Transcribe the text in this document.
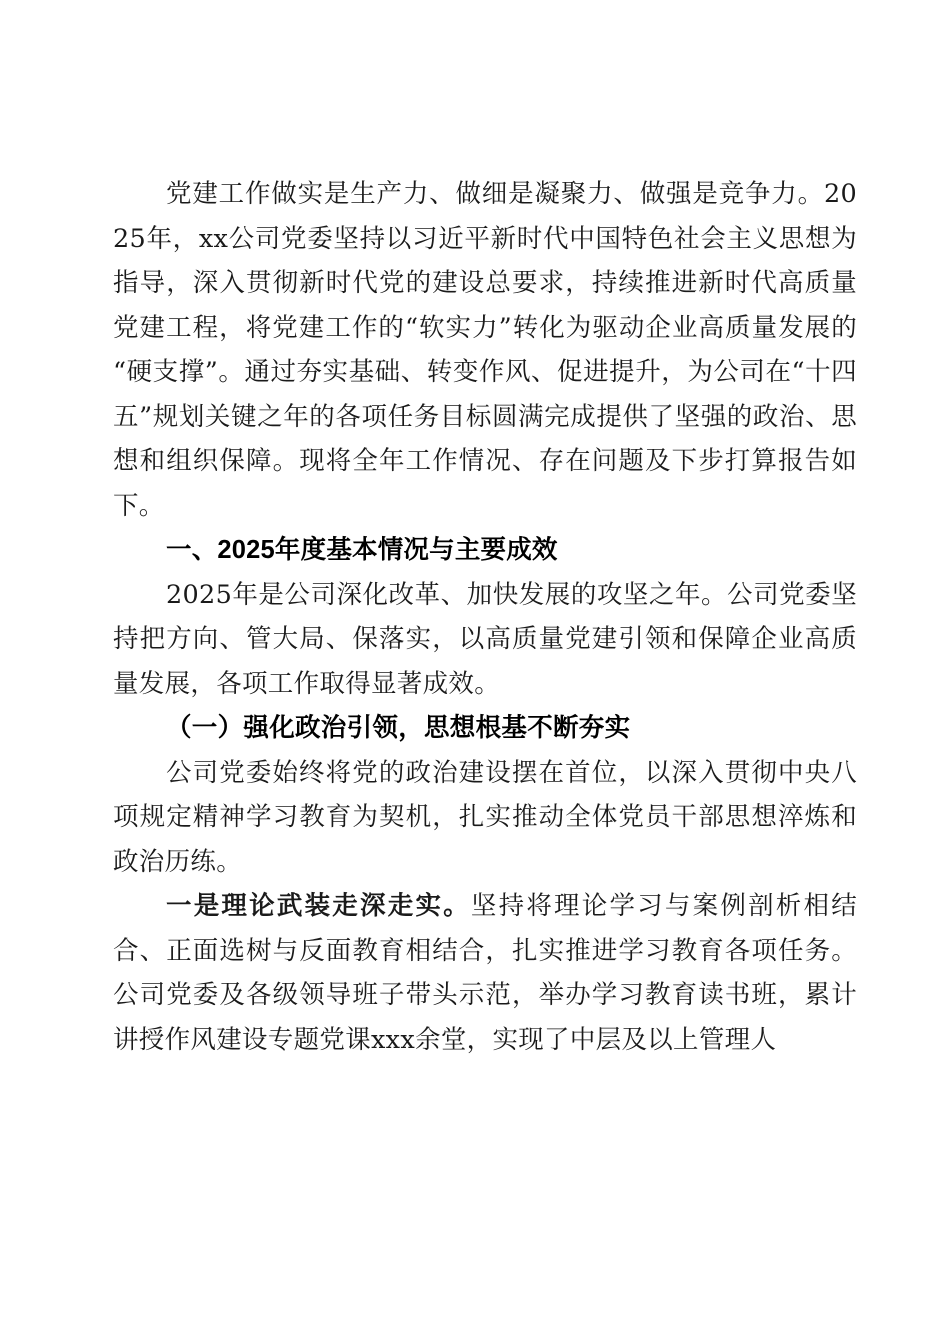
党建工作做实是生产力、做细是凝聚力、做强是竞争力。2025年，xx公司党委坚持以习近平新时代中国特色社会主义思想为指导，深入贯彻新时代党的建设总要求，持续推进新时代高质量党建工程，将党建工作的“软实力”转化为驱动企业高质量发展的“硬支撑”。通过夯实基础、转变作风、促进提升，为公司在“十四五”规划关键之年的各项任务目标圆满完成提供了坚强的政治、思想和组织保障。现将全年工作情况、存在问题及下步打算报告如下。

一、2025年度基本情况与主要成效

2025年是公司深化改革、加快发展的攻坚之年。公司党委坚持把方向、管大局、保落实，以高质量党建引领和保障企业高质量发展，各项工作取得显著成效。

（一）强化政治引领，思想根基不断夯实

公司党委始终将党的政治建设摆在首位，以深入贯彻中央八项规定精神学习教育为契机，扎实推动全体党员干部思想淬炼和政治历练。

一是理论武装走深走实。坚持将理论学习与案例剖析相结合、正面选树与反面教育相结合，扎实推进学习教育各项任务。公司党委及各级领导班子带头示范，举办学习教育读书班，累计讲授作风建设专题党课xxx余堂，实现了中层及以上管理人
